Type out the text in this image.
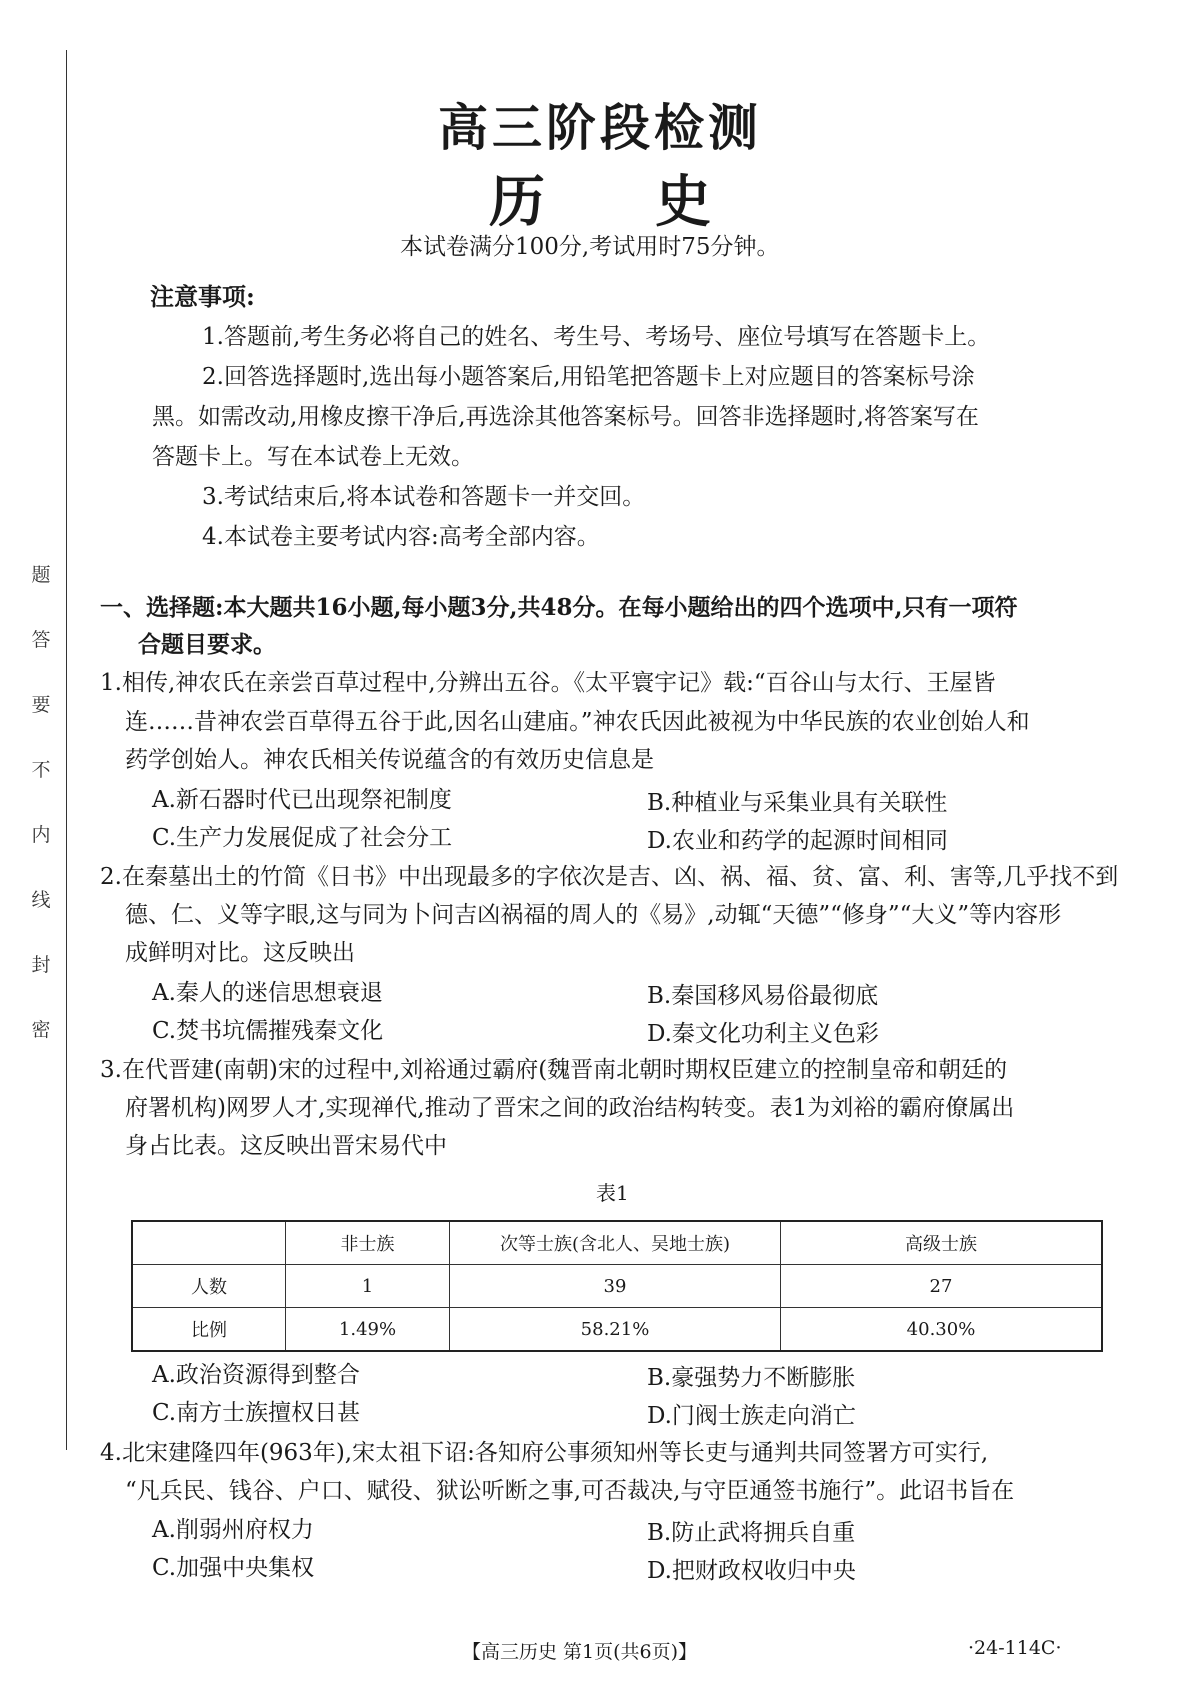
题
答
要
不
内
线
封
密
高三阶段检测
历史
本试卷满分100分,考试用时75分钟。
注意事项:
1.答题前,考生务必将自己的姓名、考生号、考场号、座位号填写在答题卡上。
2.回答选择题时,选出每小题答案后,用铅笔把答题卡上对应题目的答案标号涂
黑。如需改动,用橡皮擦干净后,再选涂其他答案标号。回答非选择题时,将答案写在
答题卡上。写在本试卷上无效。
3.考试结束后,将本试卷和答题卡一并交回。
4.本试卷主要考试内容:高考全部内容。
一、选择题:本大题共16小题,每小题3分,共48分。在每小题给出的四个选项中,只有一项符
合题目要求。
1.相传,神农氏在亲尝百草过程中,分辨出五谷。《太平寰宇记》载:“百谷山与太行、王屋皆
连……昔神农尝百草得五谷于此,因名山建庙。”神农氏因此被视为中华民族的农业创始人和
药学创始人。神农氏相关传说蕴含的有效历史信息是
A.新石器时代已出现祭祀制度	B.种植业与采集业具有关联性
C.生产力发展促成了社会分工	D.农业和药学的起源时间相同
2.在秦墓出土的竹简《日书》中出现最多的字依次是吉、凶、祸、福、贫、富、利、害等,几乎找不到
德、仁、义等字眼,这与同为卜问吉凶祸福的周人的《易》,动辄“天德”“修身”“大义”等内容形
成鲜明对比。这反映出
A.秦人的迷信思想衰退	B.秦国移风易俗最彻底
C.焚书坑儒摧残秦文化	D.秦文化功利主义色彩
3.在代晋建(南朝)宋的过程中,刘裕通过霸府(魏晋南北朝时期权臣建立的控制皇帝和朝廷的
府署机构)网罗人才,实现禅代,推动了晋宋之间的政治结构转变。表1为刘裕的霸府僚属出
身占比表。这反映出晋宋易代中
表1
	非士族	次等士族(含北人、吴地士族)	高级士族
人数	1	39	27
比例	1.49%	58.21%	40.30%
A.政治资源得到整合	B.豪强势力不断膨胀
C.南方士族擅权日甚	D.门阀士族走向消亡
4.北宋建隆四年(963年),宋太祖下诏:各知府公事须知州等长吏与通判共同签署方可实行,
“凡兵民、钱谷、户口、赋役、狱讼听断之事,可否裁决,与守臣通签书施行”。此诏书旨在
A.削弱州府权力	B.防止武将拥兵自重
C.加强中央集权	D.把财政权收归中央
【高三历史 第1页(共6页)】	·24-114C·
